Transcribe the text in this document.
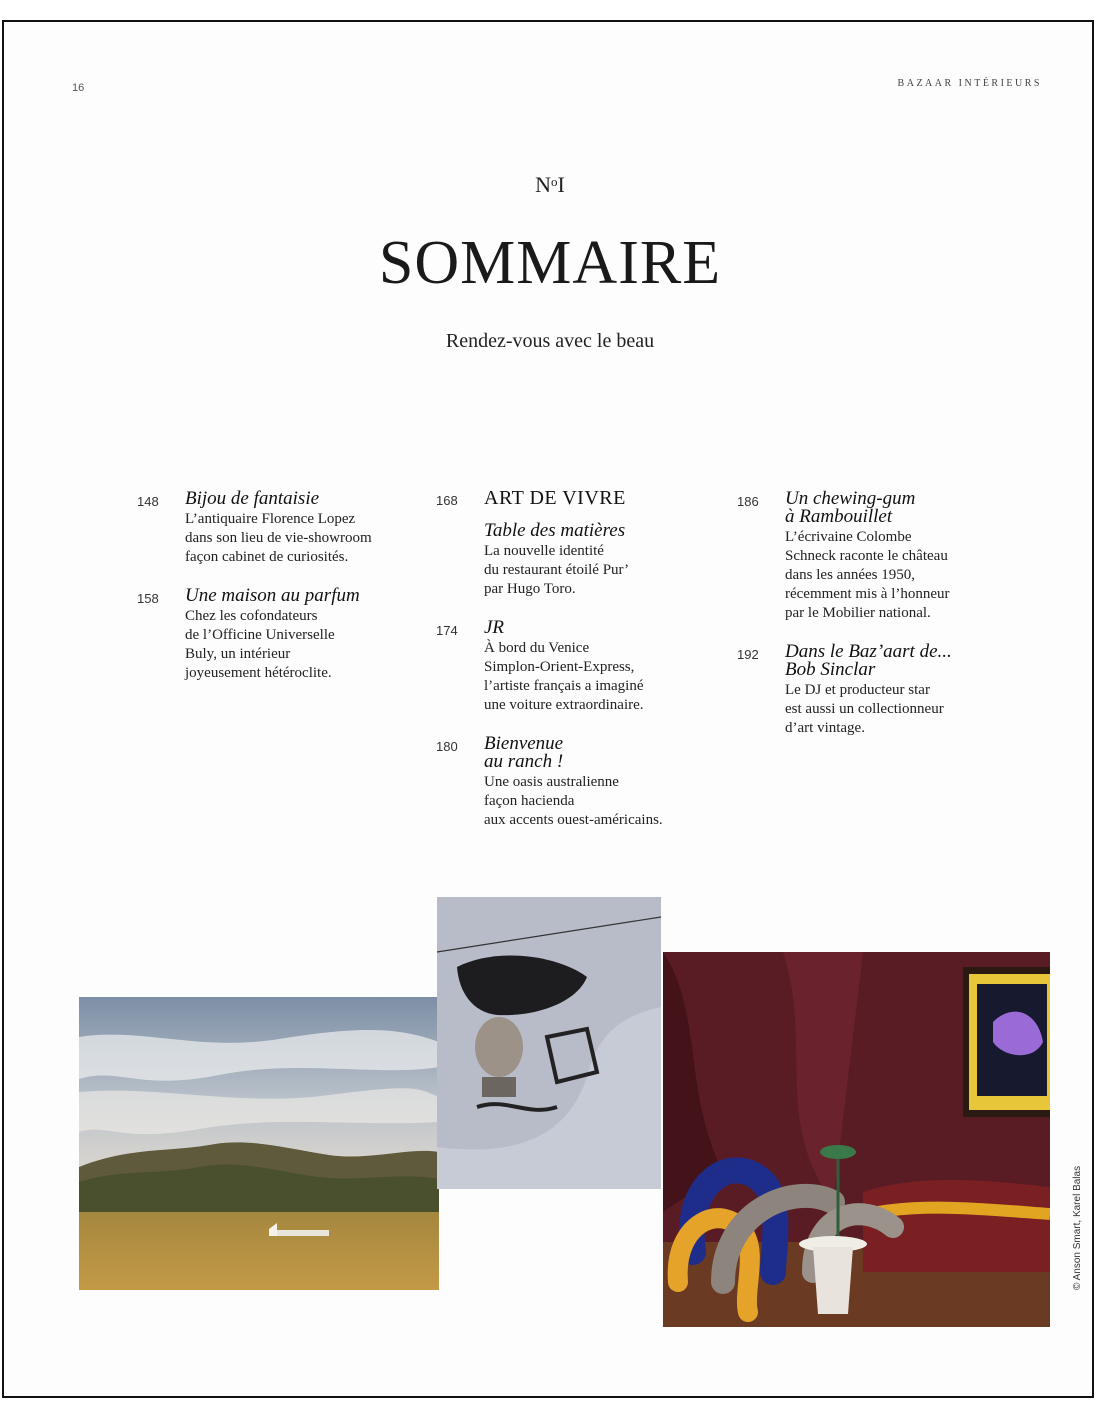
16	BAZAAR INTÉRIEURS
$N^oI$
SOMMAIRE
Rendez-vous avec le beau
148 Bijou de fantaisie
L’antiquaire Florence Lopez
dans son lieu de vie-showroom
façon cabinet de curiosités.
158 Une maison au parfum
Chez les cofondateurs
de l’Officine Universelle
Buly, un intérieur
joyeusement hétéroclite.
168 ART DE VIVRE
Table des matières
La nouvelle identité
du restaurant étoilé Pur’
par Hugo Toro.
174 JR
À bord du Venice
Simplon-Orient-Express,
l’artiste français a imaginé
une voiture extraordinaire.
180 Bienvenue
au ranch !
Une oasis australienne
façon hacienda
aux accents ouest-américains.
186 Un chewing-gum
à Rambouillet
L’écrivaine Colombe
Schneck raconte le château
dans les années 1950,
récemment mis à l’honneur
par le Mobilier national.
192 Dans le Baz’aart de...
Bob Sinclar
Le DJ et producteur star
est aussi un collectionneur
d’art vintage.
© Anson Smart, Karel Balas
